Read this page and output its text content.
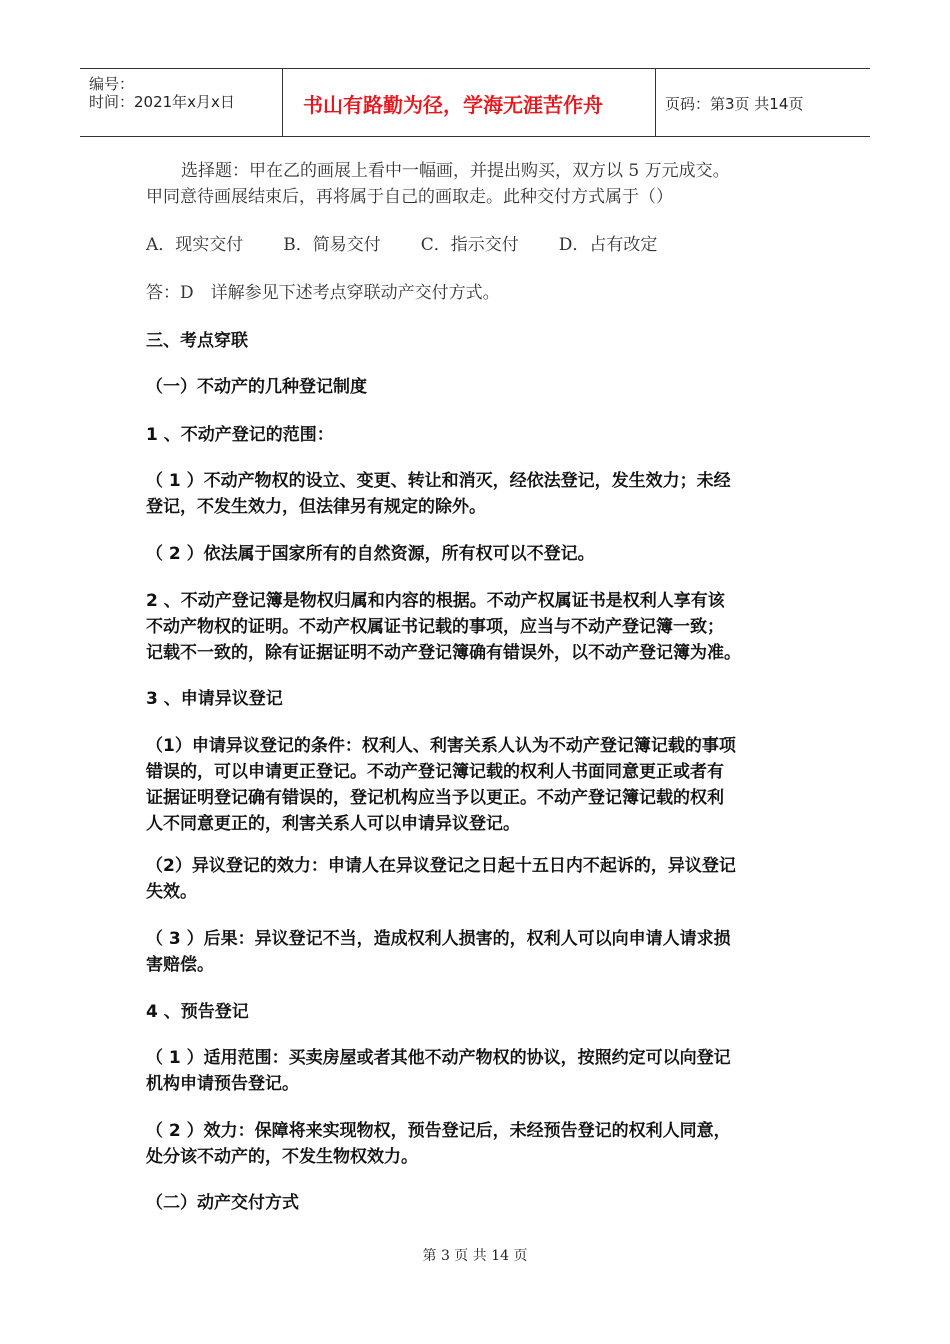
编号：
时间：2021年x月x日	书山有路勤为径，学海无涯苦作舟	页码：第3页 共14页
选择题：甲在乙的画展上看中一幅画，并提出购买，双方以 5 万元成交。
甲同意待画展结束后，再将属于自己的画取走。此种交付方式属于（）
A．现实交付 B．简易交付 C．指示交付 D．占有改定
答：D　详解参见下述考点穿联动产交付方式。
三、考点穿联
（一）不动产的几种登记制度
1 、不动产登记的范围：
（ 1 ）不动产物权的设立、变更、转让和消灭，经依法登记，发生效力；未经
登记，不发生效力，但法律另有规定的除外。
（ 2 ）依法属于国家所有的自然资源，所有权可以不登记。
2 、不动产登记簿是物权归属和内容的根据。不动产权属证书是权利人享有该
不动产物权的证明。不动产权属证书记载的事项，应当与不动产登记簿一致；
记载不一致的，除有证据证明不动产登记簿确有错误外，以不动产登记簿为准。
3 、申请异议登记
（1）申请异议登记的条件：权利人、利害关系人认为不动产登记簿记载的事项
错误的，可以申请更正登记。不动产登记簿记载的权利人书面同意更正或者有
证据证明登记确有错误的，登记机构应当予以更正。不动产登记簿记载的权利
人不同意更正的，利害关系人可以申请异议登记。
（2）异议登记的效力：申请人在异议登记之日起十五日内不起诉的，异议登记
失效。
（ 3 ）后果：异议登记不当，造成权利人损害的，权利人可以向申请人请求损
害赔偿。
4 、预告登记
（ 1 ）适用范围：买卖房屋或者其他不动产物权的协议，按照约定可以向登记
机构申请预告登记。
（ 2 ）效力：保障将来实现物权，预告登记后，未经预告登记的权利人同意，
处分该不动产的，不发生物权效力。
（二）动产交付方式
第 3 页 共 14 页
